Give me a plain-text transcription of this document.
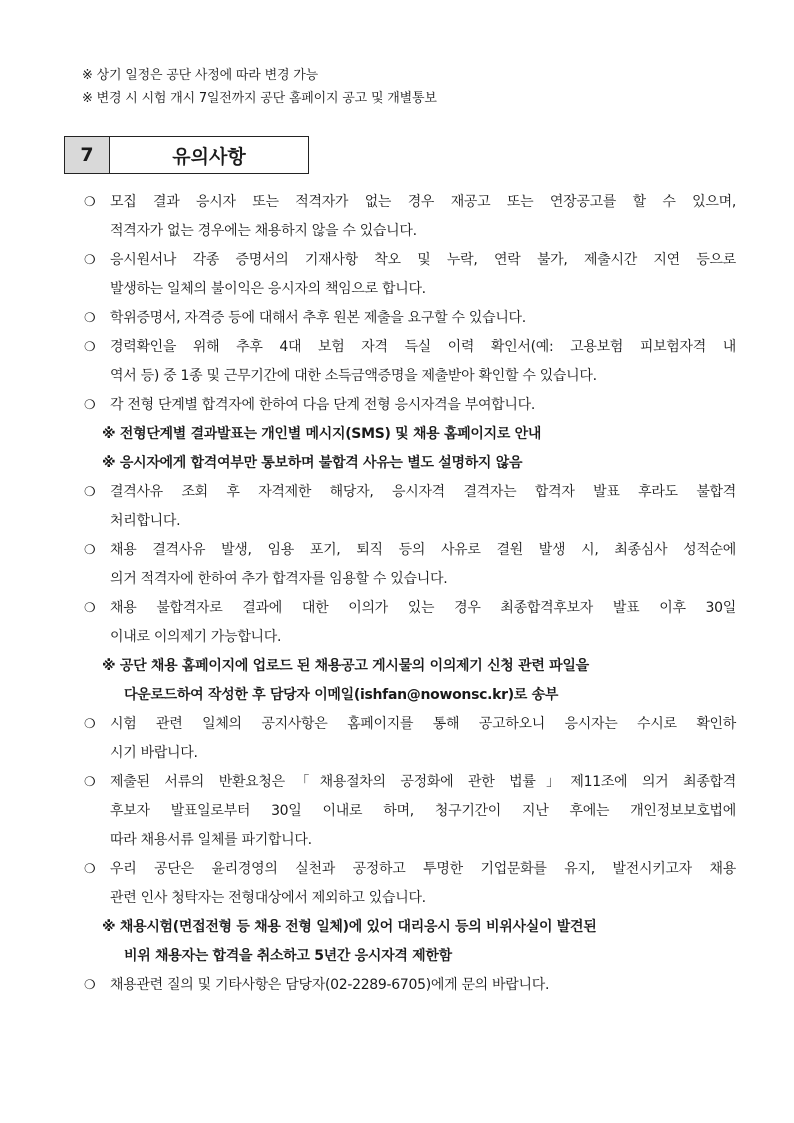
※ 상기 일정은 공단 사정에 따라 변경 가능
※ 변경 시 시험 개시 7일전까지 공단 홈페이지 공고 및 개별통보
7	유의사항
❍ 모집 결과 응시자 또는 적격자가 없는 경우 재공고 또는 연장공고를 할 수 있으며,
적격자가 없는 경우에는 채용하지 않을 수 있습니다.
❍ 응시원서나 각종 증명서의 기재사항 착오 및 누락, 연락 불가, 제출시간 지연 등으로
발생하는 일체의 불이익은 응시자의 책임으로 합니다.
❍ 학위증명서, 자격증 등에 대해서 추후 원본 제출을 요구할 수 있습니다.
❍ 경력확인을 위해 추후 4대 보험 자격 득실 이력 확인서(예: 고용보험 피보험자격 내
역서 등) 중 1종 및 근무기간에 대한 소득금액증명을 제출받아 확인할 수 있습니다.
❍ 각 전형 단계별 합격자에 한하여 다음 단계 전형 응시자격을 부여합니다.
※ 전형단계별 결과발표는 개인별 메시지(SMS) 및 채용 홈페이지로 안내
※ 응시자에게 합격여부만 통보하며 불합격 사유는 별도 설명하지 않음
❍ 결격사유 조회 후 자격제한 해당자, 응시자격 결격자는 합격자 발표 후라도 불합격
처리합니다.
❍ 채용 결격사유 발생, 임용 포기, 퇴직 등의 사유로 결원 발생 시, 최종심사 성적순에
의거 적격자에 한하여 추가 합격자를 임용할 수 있습니다.
❍ 채용 불합격자로 결과에 대한 이의가 있는 경우 최종합격후보자 발표 이후 30일
이내로 이의제기 가능합니다.
※ 공단 채용 홈페이지에 업로드 된 채용공고 게시물의 이의제기 신청 관련 파일을
다운로드하여 작성한 후 담당자 이메일(ishfan@nowonsc.kr)로 송부
❍ 시험 관련 일체의 공지사항은 홈페이지를 통해 공고하오니 응시자는 수시로 확인하
시기 바랍니다.
❍ 제출된 서류의 반환요청은「채용절차의 공정화에 관한 법률」제11조에 의거 최종합격
후보자 발표일로부터 30일 이내로 하며, 청구기간이 지난 후에는 개인정보보호법에
따라 채용서류 일체를 파기합니다.
❍ 우리 공단은 윤리경영의 실천과 공정하고 투명한 기업문화를 유지, 발전시키고자 채용
관련 인사 청탁자는 전형대상에서 제외하고 있습니다.
※ 채용시험(면접전형 등 채용 전형 일체)에 있어 대리응시 등의 비위사실이 발견된
비위 채용자는 합격을 취소하고 5년간 응시자격 제한함
❍ 채용관련 질의 및 기타사항은 담당자(02-2289-6705)에게 문의 바랍니다.
